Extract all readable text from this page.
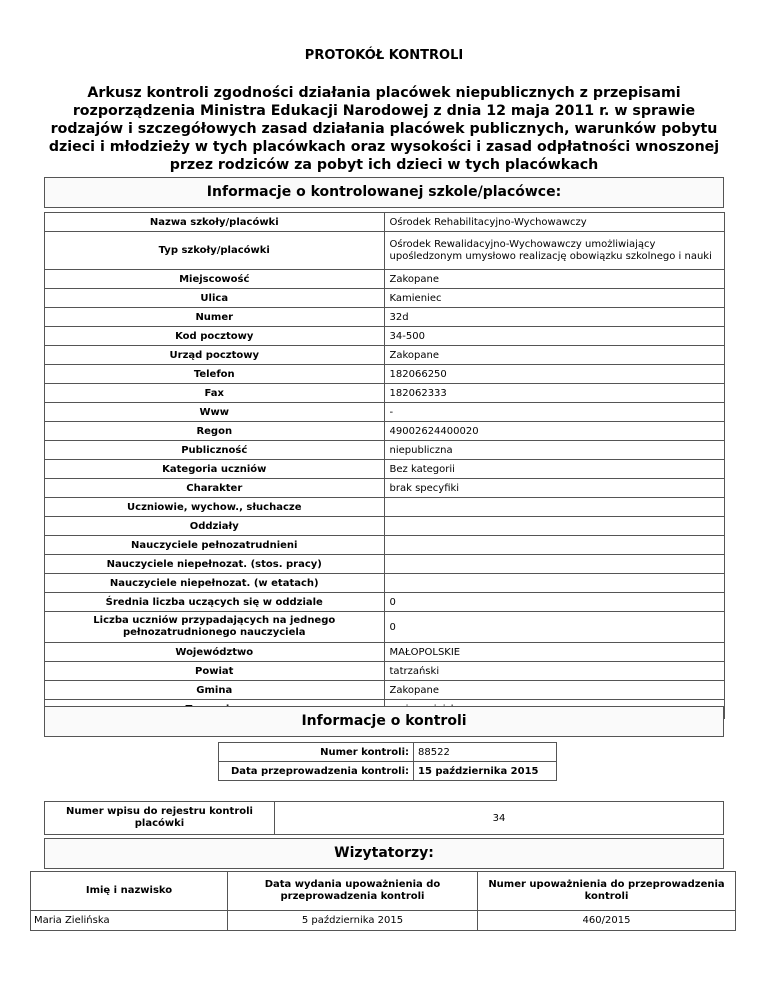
PROTOKÓŁ KONTROLI
Arkusz kontroli zgodności działania placówek niepublicznych z przepisami rozporządzenia Ministra Edukacji Narodowej z dnia 12 maja 2011 r. w sprawie rodzajów i szczegółowych zasad działania placówek publicznych, warunków pobytu dzieci i młodzieży w tych placówkach oraz wysokości i zasad odpłatności wnoszonej przez rodziców za pobyt ich dzieci w tych placówkach
Informacje o kontrolowanej szkole/placówce:
Nazwa szkoły/placówki	Ośrodek Rehabilitacyjno-Wychowawczy
Typ szkoły/placówki	Ośrodek Rewalidacyjno-Wychowawczy umożliwiający upośledzonym umysłowo realizację obowiązku szkolnego i nauki
Miejscowość	Zakopane
Ulica	Kamieniec
Numer	32d
Kod pocztowy	34-500
Urząd pocztowy	Zakopane
Telefon	182066250
Fax	182062333
Www	-
Regon	49002624400020
Publiczność	niepubliczna
Kategoria uczniów	Bez kategorii
Charakter	brak specyfiki
Uczniowie, wychow., słuchacze	
Oddziały	
Nauczyciele pełnozatrudnieni	
Nauczyciele niepełnozat. (stos. pracy)	
Nauczyciele niepełnozat. (w etatach)	
Średnia liczba uczących się w oddziale	0
Liczba uczniów przypadających na jednego pełnozatrudnionego nauczyciela	0
Województwo	MAŁOPOLSKIE
Powiat	tatrzański
Gmina	Zakopane

Informacje o kontroli
Numer kontroli:	88522
Data przeprowadzenia kontroli:	15 października 2015
Numer wpisu do rejestru kontroli placówki	34
Wizytatorzy:
Imię i nazwisko	Data wydania upoważnienia do przeprowadzenia kontroli	Numer upoważnienia do przeprowadzenia kontroli
Maria Zielińska	5 października 2015	460/2015
